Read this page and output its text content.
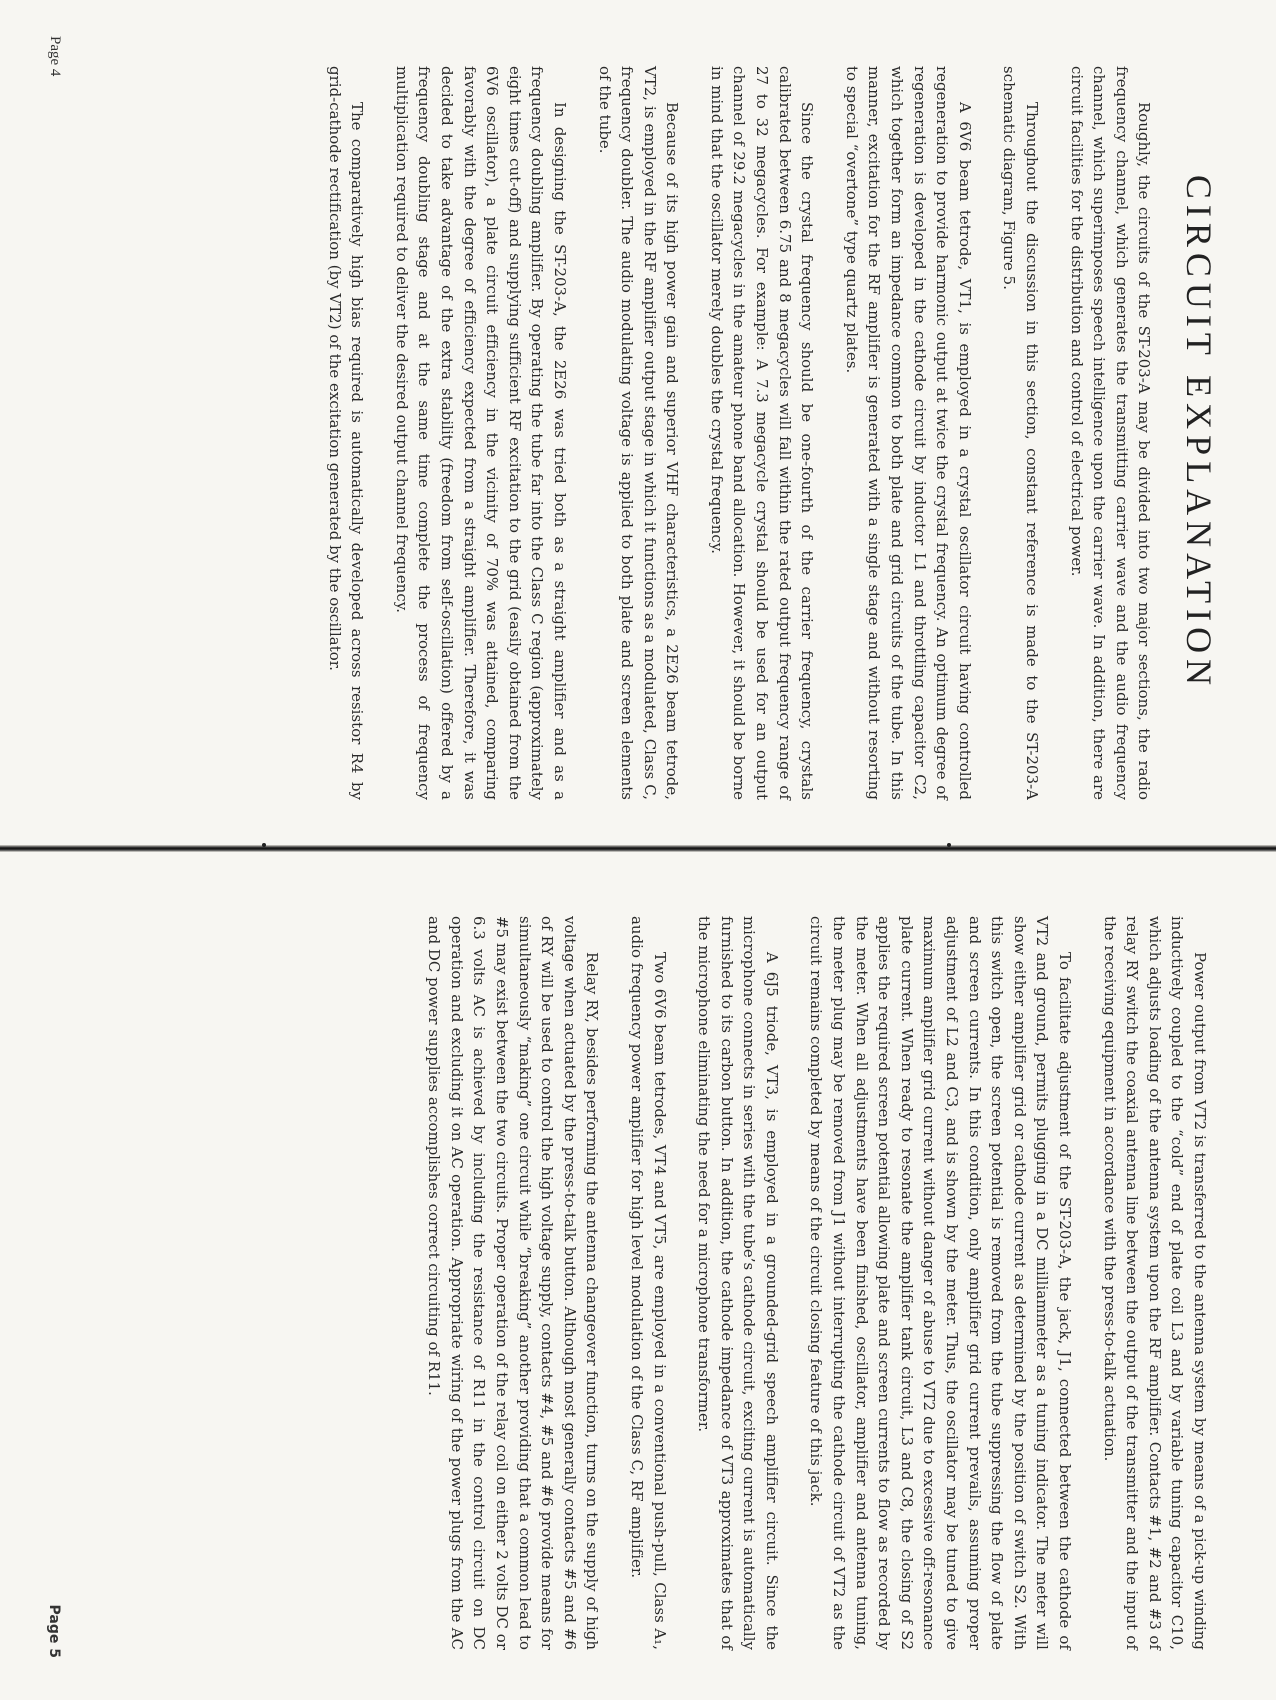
CIRCUIT EXPLANATION

Roughly, the circuits of the ST-203-A may be divided into two major sections, the radio frequency channel, which generates the transmitting carrier wave and the audio frequency channel, which superimposes speech intelligence upon the carrier wave. In addition, there are circuit facilities for the distribution and control of electrical power.

Throughout the discussion in this section, constant reference is made to the ST-203-A schematic diagram, Figure 5.

A 6V6 beam tetrode, VT1, is employed in a crystal oscillator circuit having controlled regeneration to provide harmonic output at twice the crystal frequency. An optimum degree of regeneration is developed in the cathode circuit by inductor L1 and throttling capacitor C2, which together form an impedance common to both plate and grid circuits of the tube. In this manner, excitation for the RF amplifier is generated with a single stage and without resorting to special “overtone” type quartz plates.

Since the crystal frequency should be one-fourth of the carrier frequency, crystals calibrated between 6.75 and 8 megacycles will fall within the rated output frequency range of 27 to 32 megacycles. For example: A 7.3 megacycle crystal should be used for an output channel of 29.2 megacycles in the amateur phone band allocation. However, it should be borne in mind that the oscillator merely doubles the crystal frequency.

Because of its high power gain and superior VHF characteristics, a 2E26 beam tetrode, VT2, is employed in the RF amplifier output stage in which it functions as a modulated, Class C, frequency doubler. The audio modulating voltage is applied to both plate and screen elements of the tube.

In designing the ST-203-A, the 2E26 was tried both as a straight amplifier and as a frequency doubling amplifier. By operating the tube far into the Class C region (approximately eight times cut-off) and supplying sufficient RF excitation to the grid (easily obtained from the 6V6 oscillator), a plate circuit efficiency in the vicinity of 70% was attained, comparing favorably with the degree of efficiency expected from a straight amplifier. Therefore, it was decided to take advantage of the extra stability (freedom from self-oscillation) offered by a frequency doubling stage and at the same time complete the process of frequency multiplication required to deliver the desired output channel frequency.

The comparatively high bias required is automatically developed across resistor R4 by grid-cathode rectification (by VT2) of the excitation generated by the oscillator.

Page 4

Power output from VT2 is transferred to the antenna system by means of a pick-up winding inductively coupled to the “cold” end of plate coil L3 and by variable tuning capacitor C10, which adjusts loading of the antenna system upon the RF amplifier. Contacts #1, #2 and #3 of relay RY switch the coaxial antenna line between the output of the transmitter and the input of the receiving equipment in accordance with the press-to-talk actuation.

To facilitate adjustment of the ST-203-A, the jack, J1, connected between the cathode of VT2 and ground, permits plugging in a DC milliammeter as a tuning indicator. The meter will show either amplifier grid or cathode current as determined by the position of switch S2. With this switch open, the screen potential is removed from the tube suppressing the flow of plate and screen currents. In this condition, only amplifier grid current prevails, assuming proper adjustment of L2 and C3, and is shown by the meter. Thus, the oscillator may be tuned to give maximum amplifier grid current without danger of abuse to VT2 due to excessive off-resonance plate current. When ready to resonate the amplifier tank circuit, L3 and C8, the closing of S2 applies the required screen potential allowing plate and screen currents to flow as recorded by the meter. When all adjustments have been finished, oscillator, amplifier and antenna tuning, the meter plug may be removed from J1 without interrupting the cathode circuit of VT2 as the circuit remains completed by means of the circuit closing feature of this jack.

A 6J5 triode, VT3, is employed in a grounded-grid speech amplifier circuit. Since the microphone connects in series with the tube’s cathode circuit, exciting current is automatically furnished to its carbon button. In addition, the cathode impedance of VT3 approximates that of the microphone eliminating the need for a microphone transformer.

Two 6V6 beam tetrodes, VT4 and VT5, are employed in a conventional push-pull, Class A₁, audio frequency power amplifier for high level modulation of the Class C, RF amplifier.

Relay RY, besides performing the antenna changeover function, turns on the supply of high voltage when actuated by the press-to-talk button. Although most generally contacts #5 and #6 of RY will be used to control the high voltage supply, contacts #4, #5 and #6 provide means for simultaneously “making” one circuit while “breaking” another providing that a common lead to #5 may exist between the two circuits. Proper operation of the relay coil on either 2 volts DC or 6.3 volts AC is achieved by including the resistance of R11 in the control circuit on DC operation and excluding it on AC operation. Appropriate wiring of the power plugs from the AC and DC power supplies accomplishes correct circuiting of R11.

Page 5
